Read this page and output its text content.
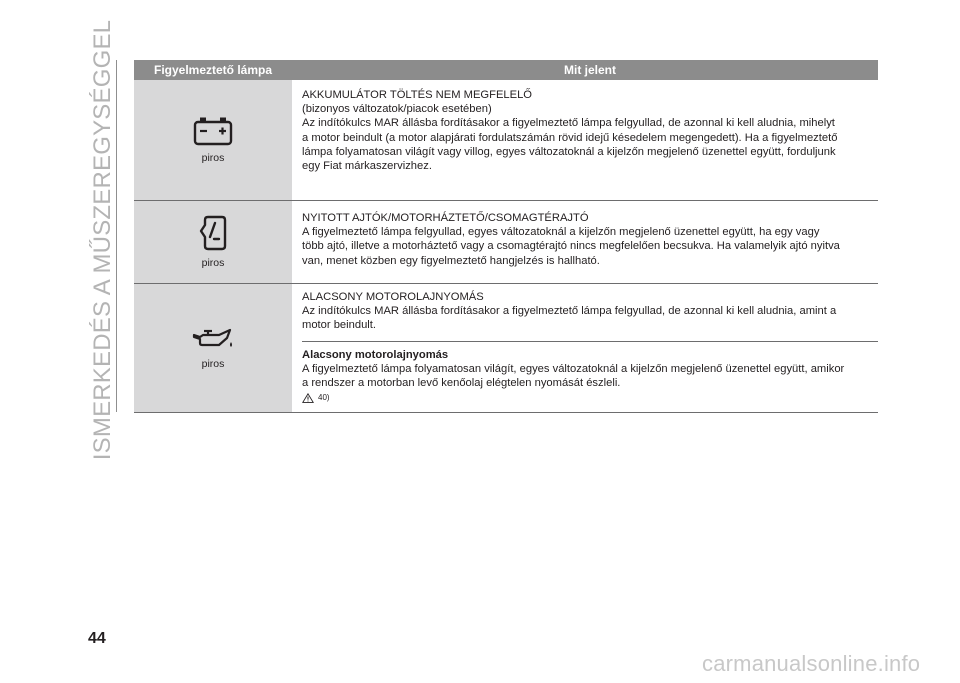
ISMERKEDÉS A MŰSZEREGYSÉGGEL	Figyelmeztető lámpa	Mit jelent
piros
AKKUMULÁTOR TÖLTÉS NEM MEGFELELŐ
(bizonyos változatok/piacok esetében)
Az indítókulcs MAR állásba fordításakor a figyelmeztető lámpa felgyullad, de azonnal ki kell aludnia, mihelyt
a motor beindult (a motor alapjárati fordulatszámán rövid idejű késedelem megengedett). Ha a figyelmeztető
lámpa folyamatosan világít vagy villog, egyes változatoknál a kijelzőn megjelenő üzenettel együtt, forduljunk
egy Fiat márkaszervizhez.
piros
NYITOTT AJTÓK/MOTORHÁZTETŐ/CSOMAGTÉRAJTÓ
A figyelmeztető lámpa felgyullad, egyes változatoknál a kijelzőn megjelenő üzenettel együtt, ha egy vagy
több ajtó, illetve a motorháztető vagy a csomagtérajtó nincs megfelelően becsukva. Ha valamelyik ajtó nyitva
van, menet közben egy figyelmeztető hangjelzés is hallható.
piros
ALACSONY MOTOROLAJNYOMÁS
Az indítókulcs MAR állásba fordításakor a figyelmeztető lámpa felgyullad, de azonnal ki kell aludnia, amint a
motor beindult.
Alacsony motorolajnyomás
A figyelmeztető lámpa folyamatosan világít, egyes változatoknál a kijelzőn megjelenő üzenettel együtt, amikor
a rendszer a motorban levő kenőolaj elégtelen nyomását észleli.
40)
44
carmanualsonline.info
